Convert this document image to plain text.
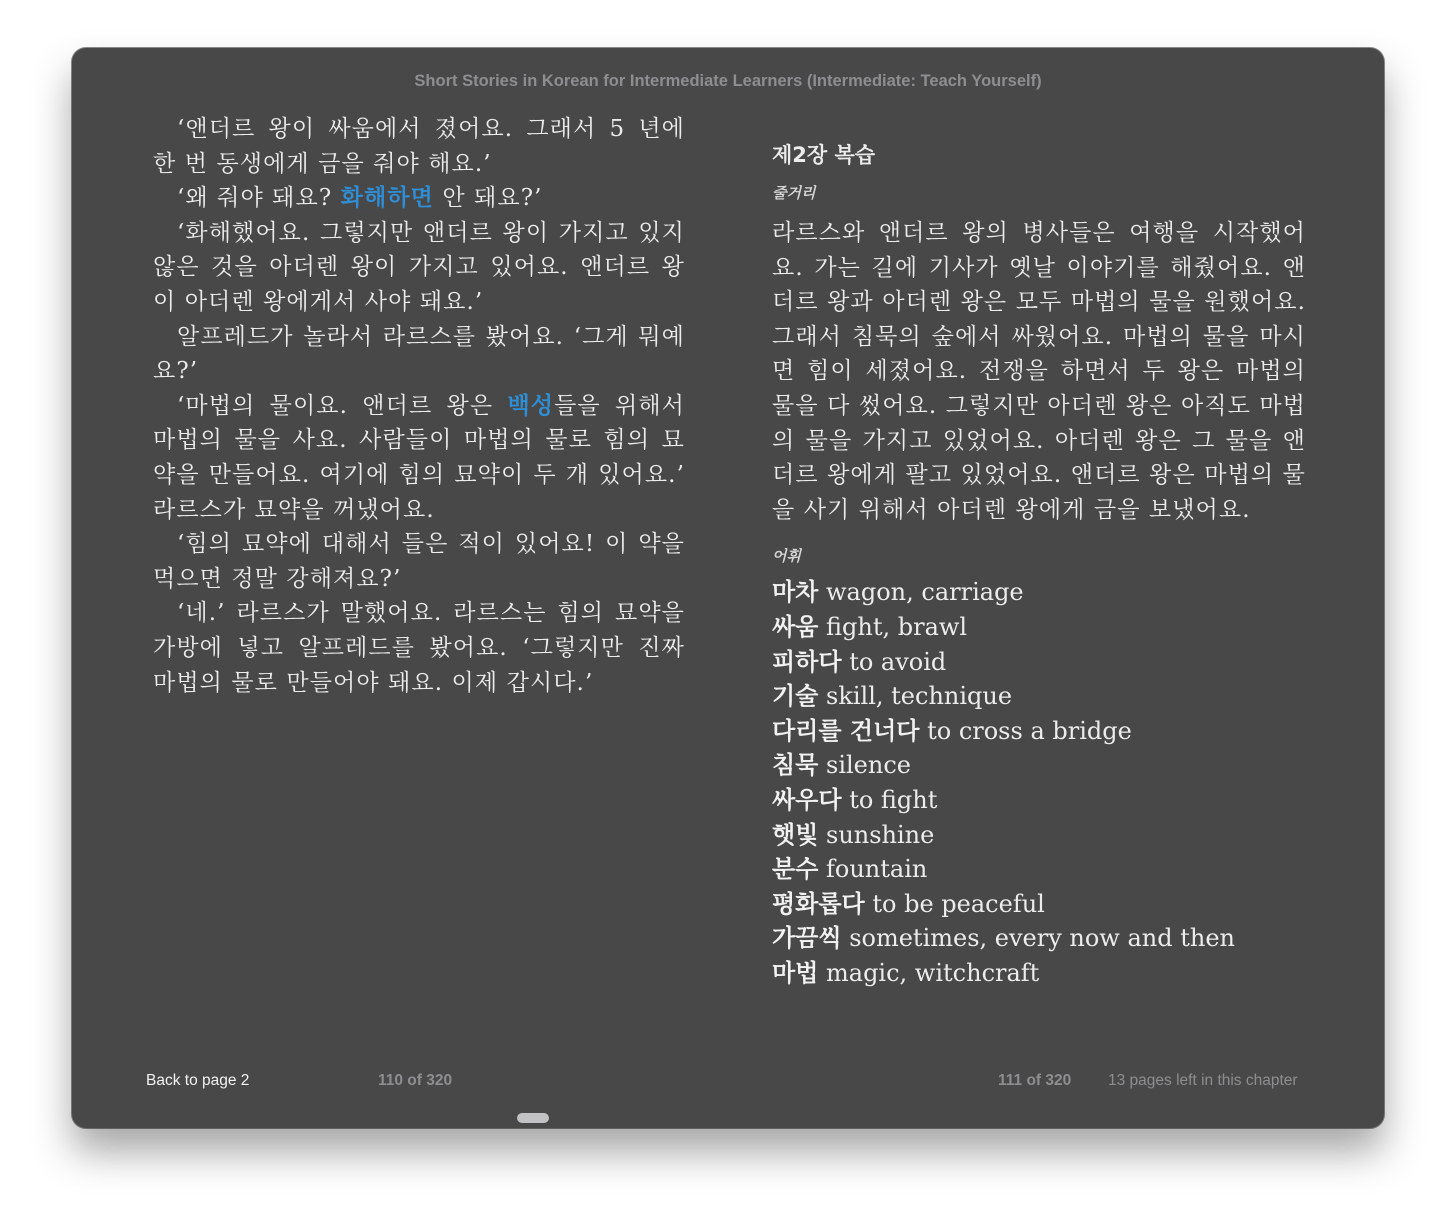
Short Stories in Korean for Intermediate Learners (Intermediate: Teach Yourself)

‘앤더르 왕이 싸움에서 졌어요. 그래서 5 년에 한 번 동생에게 금을 줘야 해요.’

‘왜 줘야 돼요? 화해하면 안 돼요?’

‘화해했어요. 그렇지만 앤더르 왕이 가지고 있지 않은 것을 아더렌 왕이 가지고 있어요. 앤더르 왕이 아더렌 왕에게서 사야 돼요.’

알프레드가 놀라서 라르스를 봤어요. ‘그게 뭐예요?’

‘마법의 물이요. 앤더르 왕은 백성들을 위해서 마법의 물을 사요. 사람들이 마법의 물로 힘의 묘약을 만들어요. 여기에 힘의 묘약이 두 개 있어요.’ 라르스가 묘약을 꺼냈어요.

‘힘의 묘약에 대해서 들은 적이 있어요! 이 약을 먹으면 정말 강해져요?’

‘네.’ 라르스가 말했어요. 라르스는 힘의 묘약을 가방에 넣고 알프레드를 봤어요. ‘그렇지만 진짜 마법의 물로 만들어야 돼요. 이제 갑시다.’

제2장 복습
줄거리

라르스와 앤더르 왕의 병사들은 여행을 시작했어요. 가는 길에 기사가 옛날 이야기를 해줬어요. 앤더르 왕과 아더렌 왕은 모두 마법의 물을 원했어요. 그래서 침묵의 숲에서 싸웠어요. 마법의 물을 마시면 힘이 세졌어요. 전쟁을 하면서 두 왕은 마법의 물을 다 썼어요. 그렇지만 아더렌 왕은 아직도 마법의 물을 가지고 있었어요. 아더렌 왕은 그 물을 앤더르 왕에게 팔고 있었어요. 앤더르 왕은 마법의 물을 사기 위해서 아더렌 왕에게 금을 보냈어요.

어휘
마차 wagon, carriage
싸움 fight, brawl
피하다 to avoid
기술 skill, technique
다리를 건너다 to cross a bridge
침묵 silence
싸우다 to fight
햇빛 sunshine
분수 fountain
평화롭다 to be peaceful
가끔씩 sometimes, every now and then
마법 magic, witchcraft
Back to page 2	110 of 320	111 of 320 13 pages left in this chapter
